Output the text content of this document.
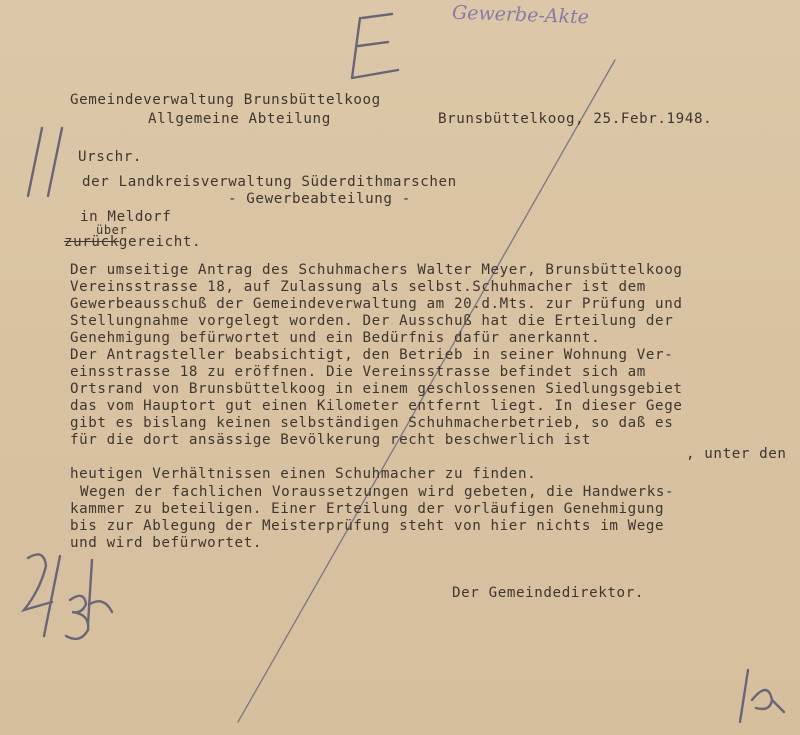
Gewerbe-Akte
Gemeindeverwaltung Brunsbüttelkoog
Allgemeine Abteilung	Brunsbüttelkoog, 25.Febr.1948.
Urschr.
der Landkreisverwaltung Süderdithmarschen
- Gewerbeabteilung -
in Meldorf
über
zurückgereicht.
Der umseitige Antrag des Schuhmachers Walter Meyer, Brunsbüttelkoog
Vereinsstrasse 18, auf Zulassung als selbst.Schuhmacher ist dem
Gewerbeausschuß der Gemeindeverwaltung am 20.d.Mts. zur Prüfung und
Stellungnahme vorgelegt worden. Der Ausschuß hat die Erteilung der
Genehmigung befürwortet und ein Bedürfnis dafür anerkannt.
Der Antragsteller beabsichtigt, den Betrieb in seiner Wohnung Ver-
einsstrasse 18 zu eröffnen. Die Vereinsstrasse befindet sich am
Ortsrand von Brunsbüttelkoog in einem geschlossenen Siedlungsgebiet
das vom Hauptort gut einen Kilometer entfernt liegt. In dieser Gege
gibt es bislang keinen selbständigen Schuhmacherbetrieb, so daß es
für die dort ansässige Bevölkerung recht beschwerlich ist
, unter den
heutigen Verhältnissen einen Schuhmacher zu finden.
Wegen der fachlichen Voraussetzungen wird gebeten, die Handwerks-
kammer zu beteiligen. Einer Erteilung der vorläufigen Genehmigung
bis zur Ablegung der Meisterprüfung steht von hier nichts im Wege
und wird befürwortet.
Der Gemeindedirektor.
